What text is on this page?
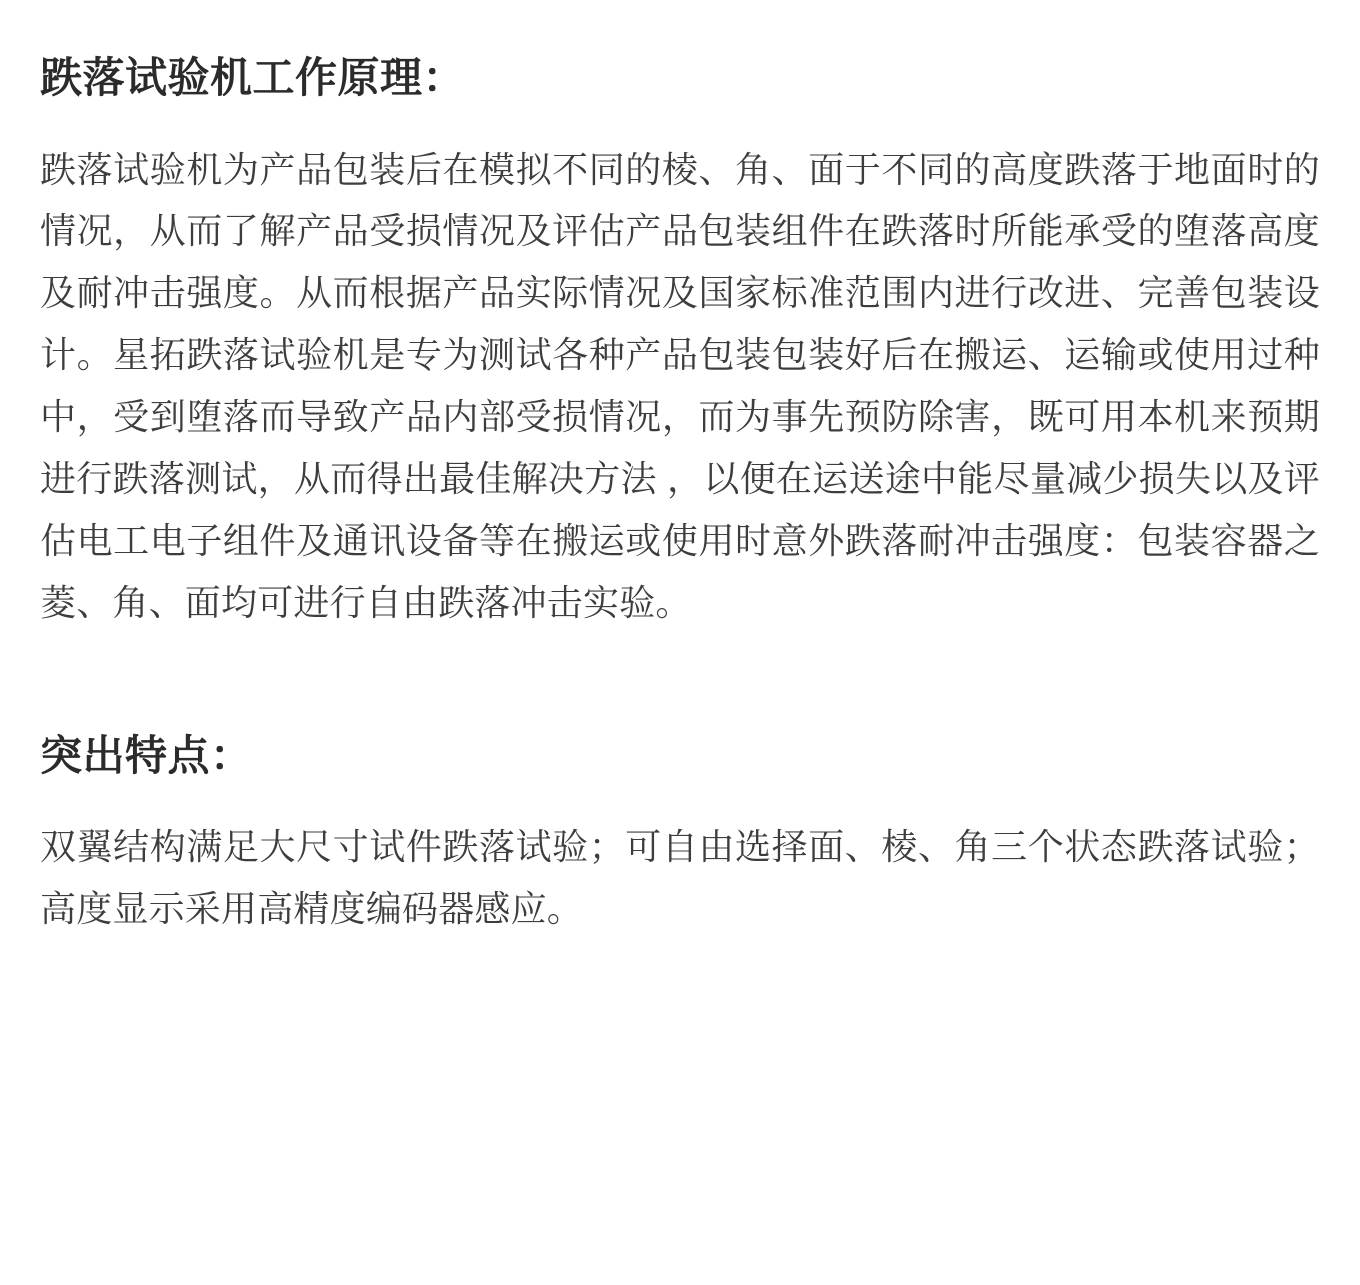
跌落试验机工作原理：

跌落试验机为产品包装后在模拟不同的棱、角、面于不同的高度跌落于地面时的情况，从而了解产品受损情况及评估产品包装组件在跌落时所能承受的堕落高度及耐冲击强度。从而根据产品实际情况及国家标准范围内进行改进、完善包装设计。星拓跌落试验机是专为测试各种产品包装包装好后在搬运、运输或使用过种中，受到堕落而导致产品内部受损情况，而为事先预防除害，既可用本机来预期进行跌落测试，从而得出最佳解决方法 ，以便在运送途中能尽量减少损失以及评估电工电子组件及通讯设备等在搬运或使用时意外跌落耐冲击强度：包装容器之菱、角、面均可进行自由跌落冲击实验。

突出特点：

双翼结构满足大尺寸试件跌落试验；可自由选择面、棱、角三个状态跌落试验；高度显示采用高精度编码器感应。
